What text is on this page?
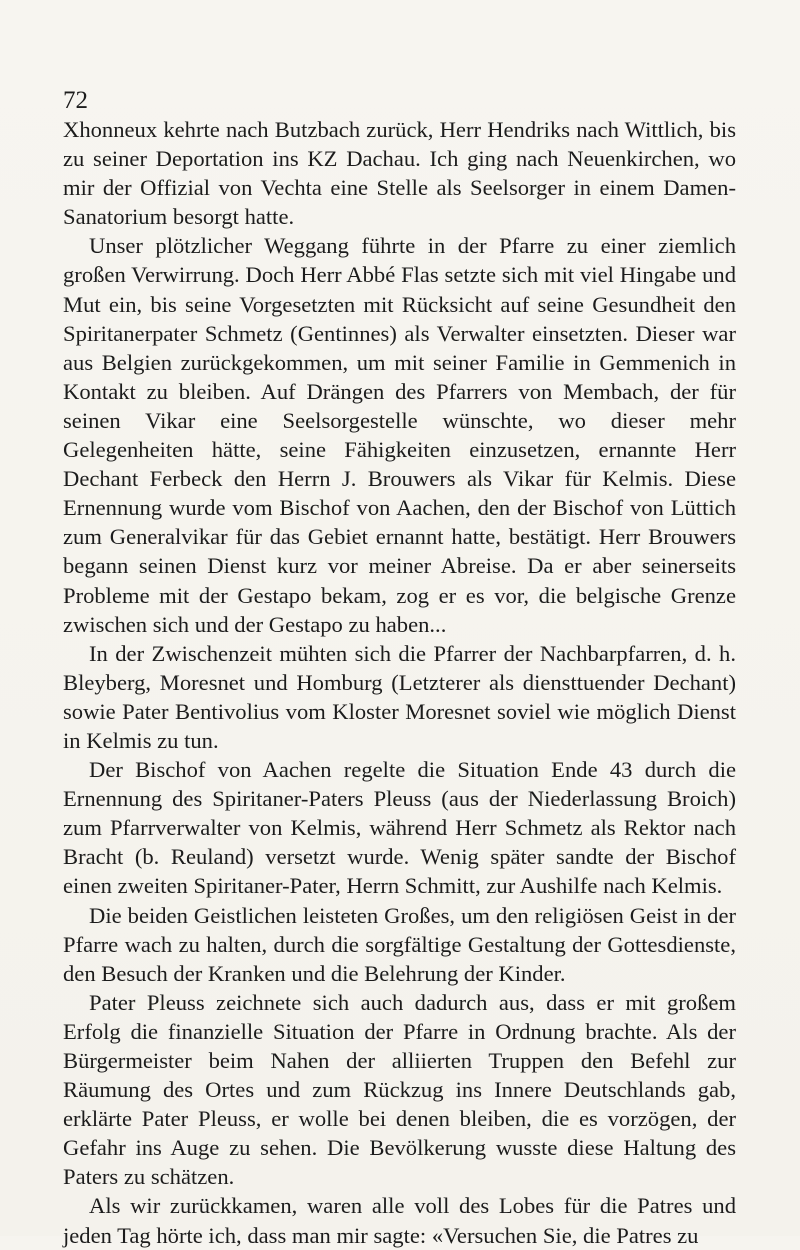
72

Xhonneux kehrte nach Butzbach zurück, Herr Hendriks nach Wittlich, bis zu seiner Deportation ins KZ Dachau. Ich ging nach Neuenkirchen, wo mir der Offizial von Vechta eine Stelle als Seelsorger in einem Damen-Sanatorium besorgt hatte.

Unser plötzlicher Weggang führte in der Pfarre zu einer ziemlich großen Verwirrung. Doch Herr Abbé Flas setzte sich mit viel Hingabe und Mut ein, bis seine Vorgesetzten mit Rücksicht auf seine Gesundheit den Spiritanerpater Schmetz (Gentinnes) als Verwalter einsetzten. Dieser war aus Belgien zurückgekommen, um mit seiner Familie in Gemmenich in Kontakt zu bleiben. Auf Drängen des Pfarrers von Membach, der für seinen Vikar eine Seelsorgestelle wünschte, wo dieser mehr Gelegenheiten hätte, seine Fähigkeiten einzusetzen, ernannte Herr Dechant Ferbeck den Herrn J. Brouwers als Vikar für Kelmis. Diese Ernennung wurde vom Bischof von Aachen, den der Bischof von Lüttich zum Generalvikar für das Gebiet ernannt hatte, bestätigt. Herr Brouwers begann seinen Dienst kurz vor meiner Abreise. Da er aber seinerseits Probleme mit der Gestapo bekam, zog er es vor, die belgische Grenze zwischen sich und der Gestapo zu haben...

In der Zwischenzeit mühten sich die Pfarrer der Nachbarpfarren, d. h. Bleyberg, Moresnet und Homburg (Letzterer als diensttuender Dechant) sowie Pater Bentivolius vom Kloster Moresnet soviel wie möglich Dienst in Kelmis zu tun.

Der Bischof von Aachen regelte die Situation Ende 43 durch die Ernennung des Spiritaner-Paters Pleuss (aus der Niederlassung Broich) zum Pfarrverwalter von Kelmis, während Herr Schmetz als Rektor nach Bracht (b. Reuland) versetzt wurde. Wenig später sandte der Bischof einen zweiten Spiritaner-Pater, Herrn Schmitt, zur Aushilfe nach Kelmis.

Die beiden Geistlichen leisteten Großes, um den religiösen Geist in der Pfarre wach zu halten, durch die sorgfältige Gestaltung der Gottesdienste, den Besuch der Kranken und die Belehrung der Kinder.

Pater Pleuss zeichnete sich auch dadurch aus, dass er mit großem Erfolg die finanzielle Situation der Pfarre in Ordnung brachte. Als der Bürgermeister beim Nahen der alliierten Truppen den Befehl zur Räumung des Ortes und zum Rückzug ins Innere Deutschlands gab, erklärte Pater Pleuss, er wolle bei denen bleiben, die es vorzögen, der Gefahr ins Auge zu sehen. Die Bevölkerung wusste diese Haltung des Paters zu schätzen.

Als wir zurückkamen, waren alle voll des Lobes für die Patres und jeden Tag hörte ich, dass man mir sagte: «Versuchen Sie, die Patres zu
